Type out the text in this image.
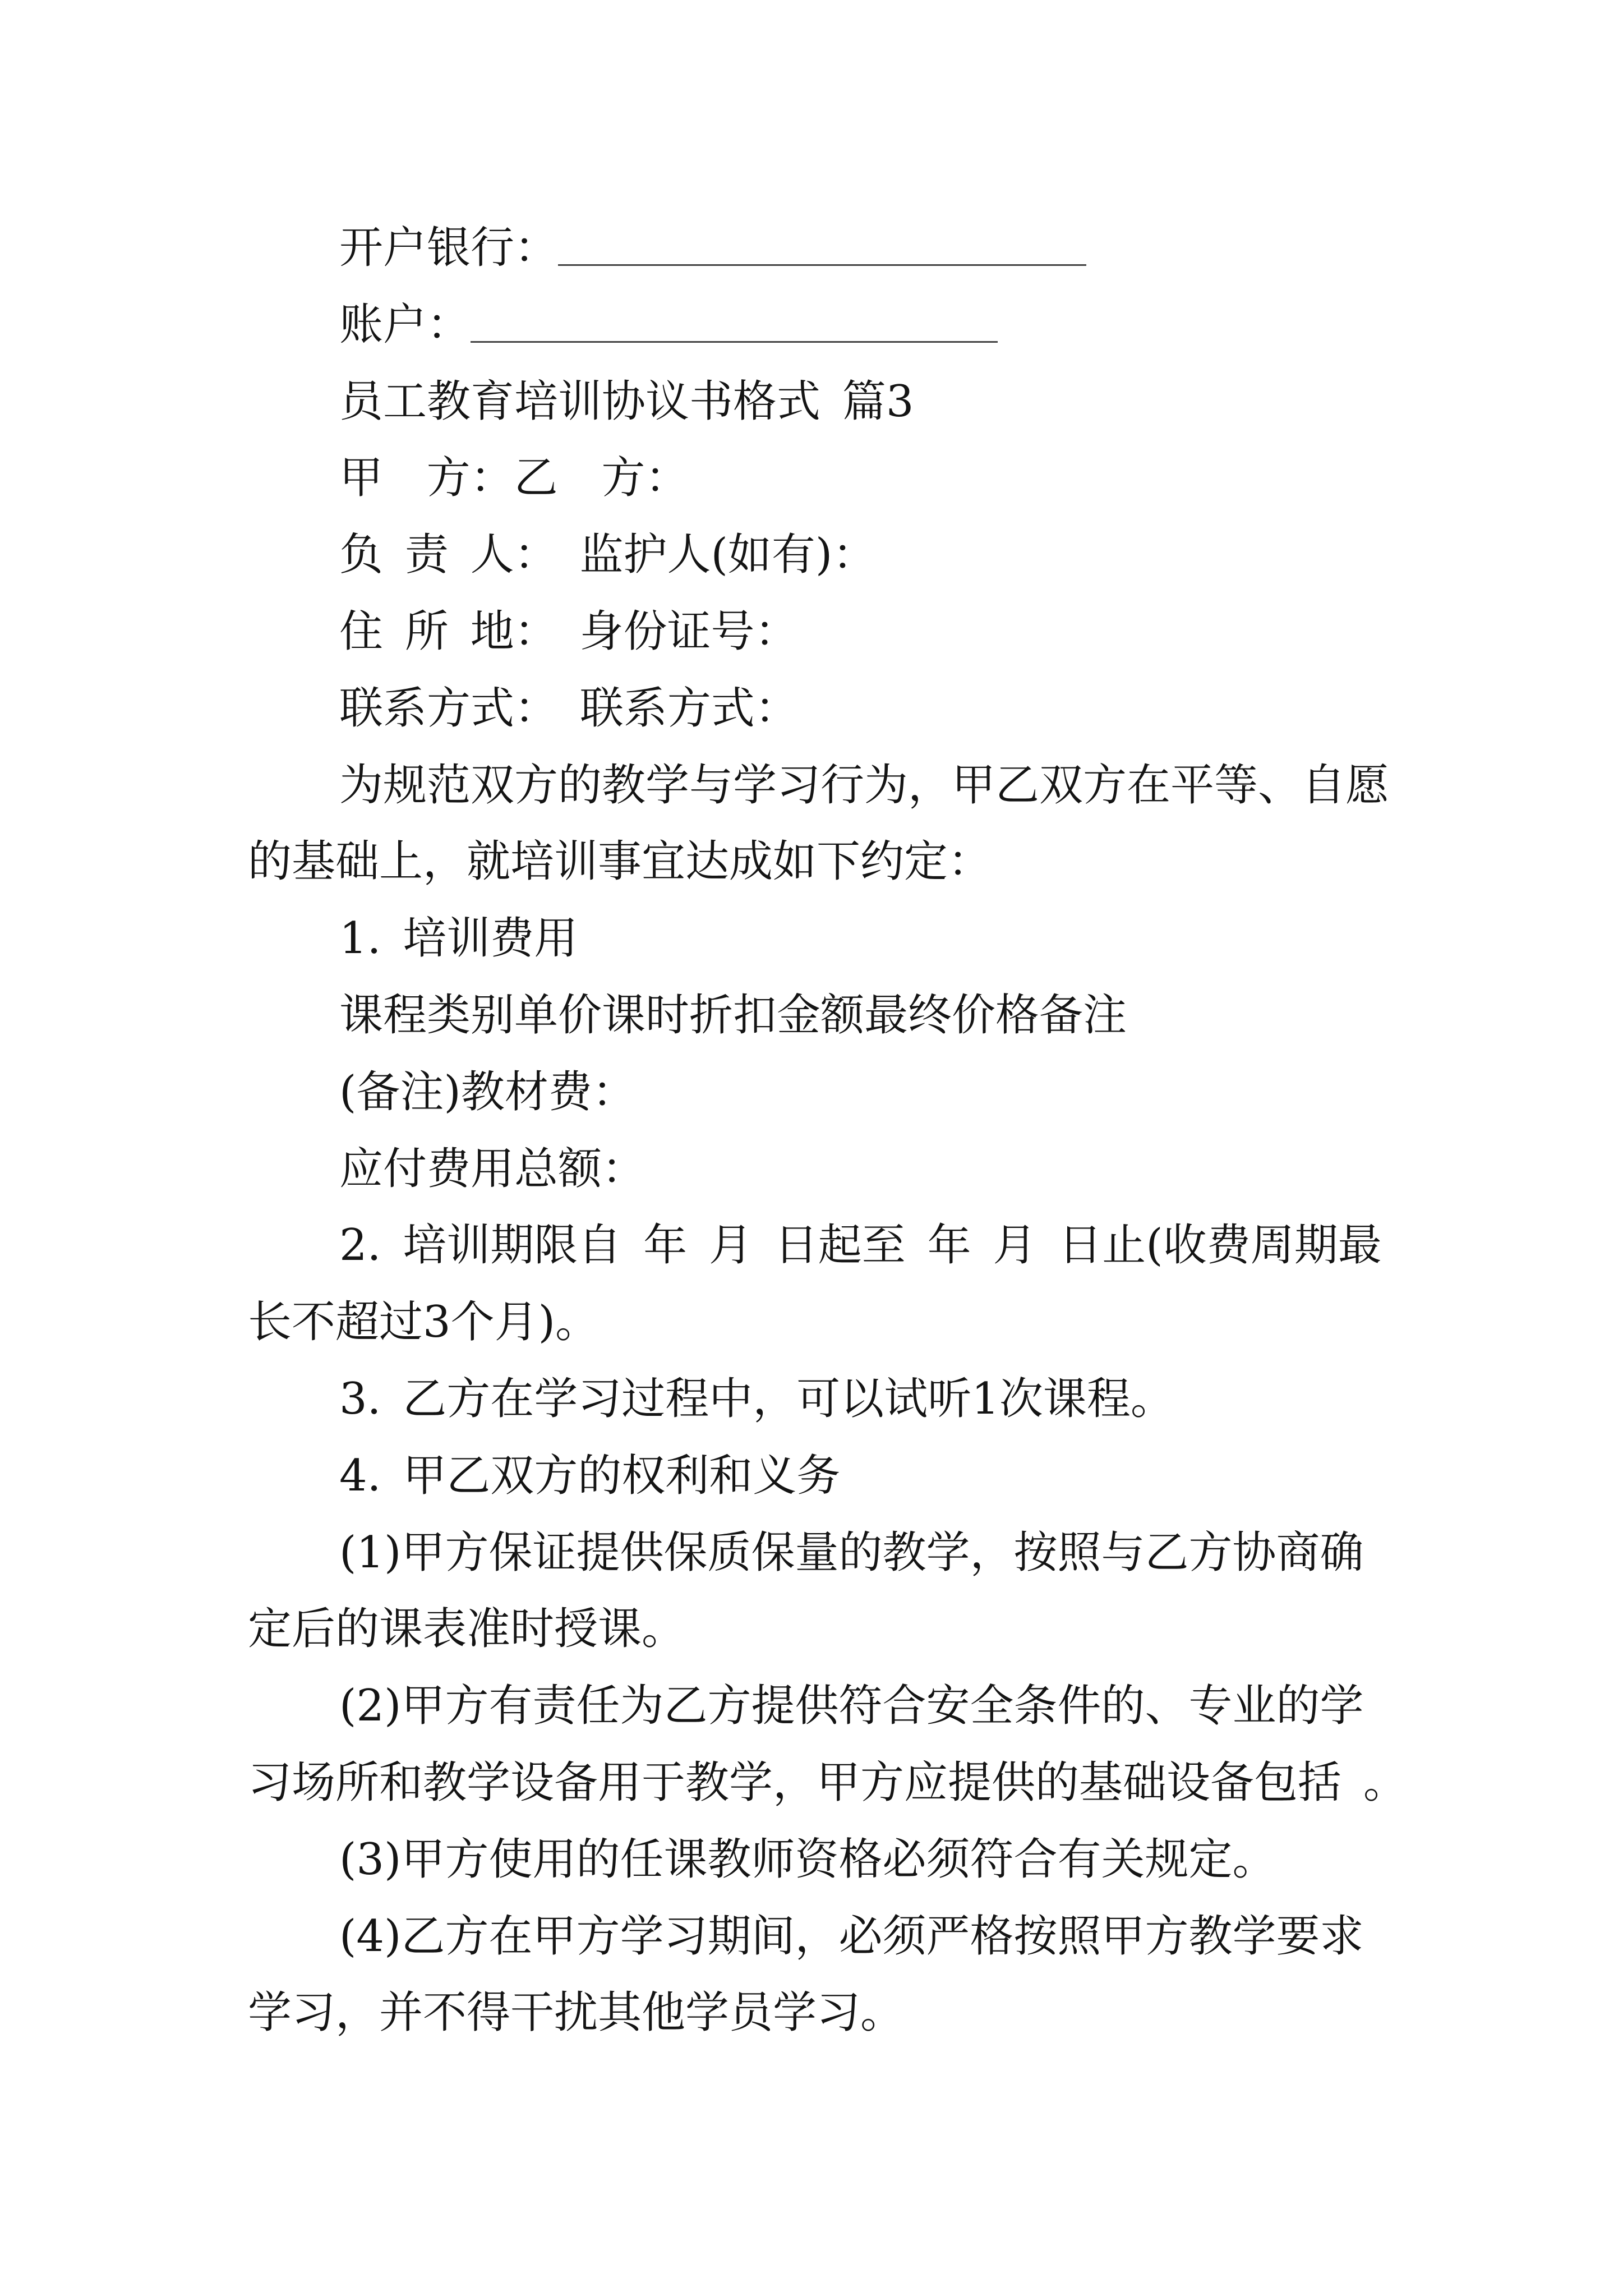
开户银行：
账户：
员工教育培训协议书格式 篇3
甲  方：乙  方：
负 责 人： 监护人(如有)：
住 所 地： 身份证号：
联系方式： 联系方式：
为规范双方的教学与学习行为，甲乙双方在平等、自愿
的基础上，就培训事宜达成如下约定：
1. 培训费用
课程类别单价课时折扣金额最终价格备注
(备注)教材费：
应付费用总额：
2. 培训期限自 年 月 日起至 年 月 日止(收费周期最
长不超过3个月)。
3. 乙方在学习过程中，可以试听1次课程。
4. 甲乙双方的权利和义务
(1)甲方保证提供保质保量的教学，按照与乙方协商确
定后的课表准时授课。
(2)甲方有责任为乙方提供符合安全条件的、专业的学
习场所和教学设备用于教学，甲方应提供的基础设备包括 。
(3)甲方使用的任课教师资格必须符合有关规定。
(4)乙方在甲方学习期间，必须严格按照甲方教学要求
学习，并不得干扰其他学员学习。
